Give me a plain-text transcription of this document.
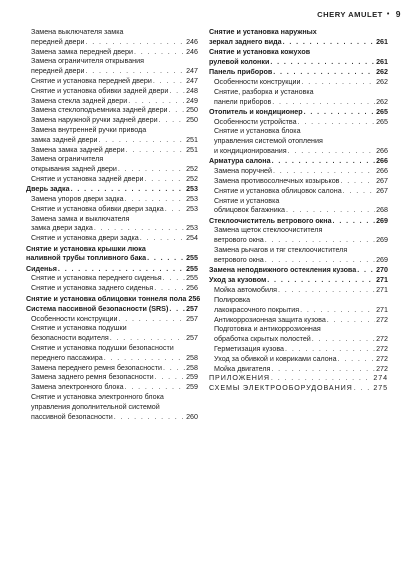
CHERY AMULET • 9
Замена выключателя замка
передней двери . . .	246
Замена замка передней двери . . .	246
Замена ограничителя открывания
передней двери . . .	247
Снятие и установка передней двери . . .	247
Снятие и установка обивки задней двери . . . 248
Замена стекла задней двери . . .	249
Замена стеклоподъемника задней двери . . .	250
Замена наружной ручки задней двери . . .	250
Замена внутренней ручки привода
замка задней двери . . .	251
Замена замка задней двери . . .	251
Замена ограничителя
открывания задней двери . . .	252
Снятие и установка задней двери . . .	252
Дверь задка . . .	253
Замена упоров двери задка . . .	253
Снятие и установка обивки двери задка . . .	253
Замена замка и выключателя
замка двери задка . . .	253
Снятие и установка двери задка . . .	254
Снятие и установка крышки люка
наливной трубы топливного бака . . .	255
Сиденья . . .	255
Снятие и установка переднего сиденья . . .	255
Снятие и установка заднего сиденья . . .	256
Снятие и установка облицовки тоннеля пола 256
Система пассивной безопасности (SRS) . . . 257
Особенности конструкции . . .	257
Снятие и установка подушки
безопасности водителя . . .	257
Снятие и установка подушки безопасности
переднего пассажира . . .	258
Замена переднего ремня безопасности . . .	258
Замена заднего ремня безопасности . . .	259
Замена электронного блока . . .	259
Снятие и установка электронного блока
управления дополнительной системой
пассивной безопасности . . .	260
Снятие и установка наружных
зеркал заднего вида . . .	261
Снятие и установка кожухов
рулевой колонки . . .	261
Панель приборов . . .	262
Особенности конструкции . . .	262
Снятие, разборка и установка
панели приборов . . .	262
Отопитель и кондиционер . . .	265
Особенности устройства . . .	265
Снятие и установка блока
управления системой отопления
и кондиционирования . . .	266
Арматура салона . . .	266
Замена поручней . . .	266
Замена противосолнечных козырьков . . .	267
Снятие и установка облицовок салона . . .	267
Снятие и установка
облицовок багажника . . .	268
Стеклоочиститель ветрового окна . . .	269
Замена щеток стеклоочистителя
ветрового окна . . .	269
Замена рычагов и тяг стеклоочистителя
ветрового окна . . .	269
Замена неподвижного остекления кузова . . .	270
Уход за кузовом . . .	271
Мойка автомобиля . . .	271
Полировка
лакокрасочного покрытия . . .	271
Антикоррозионная защита кузова . . .	272
Подготовка и антикоррозионная
обработка скрытых полостей . . .	272
Герметизация кузова . . .	272
Уход за обивкой и ковриками салона . . .	272
Мойка двигателя . . .	272
ПРИЛОЖЕНИЯ . . .	274
СХЕМЫ ЭЛЕКТРООБОРУДОВАНИЯ . . .	275
